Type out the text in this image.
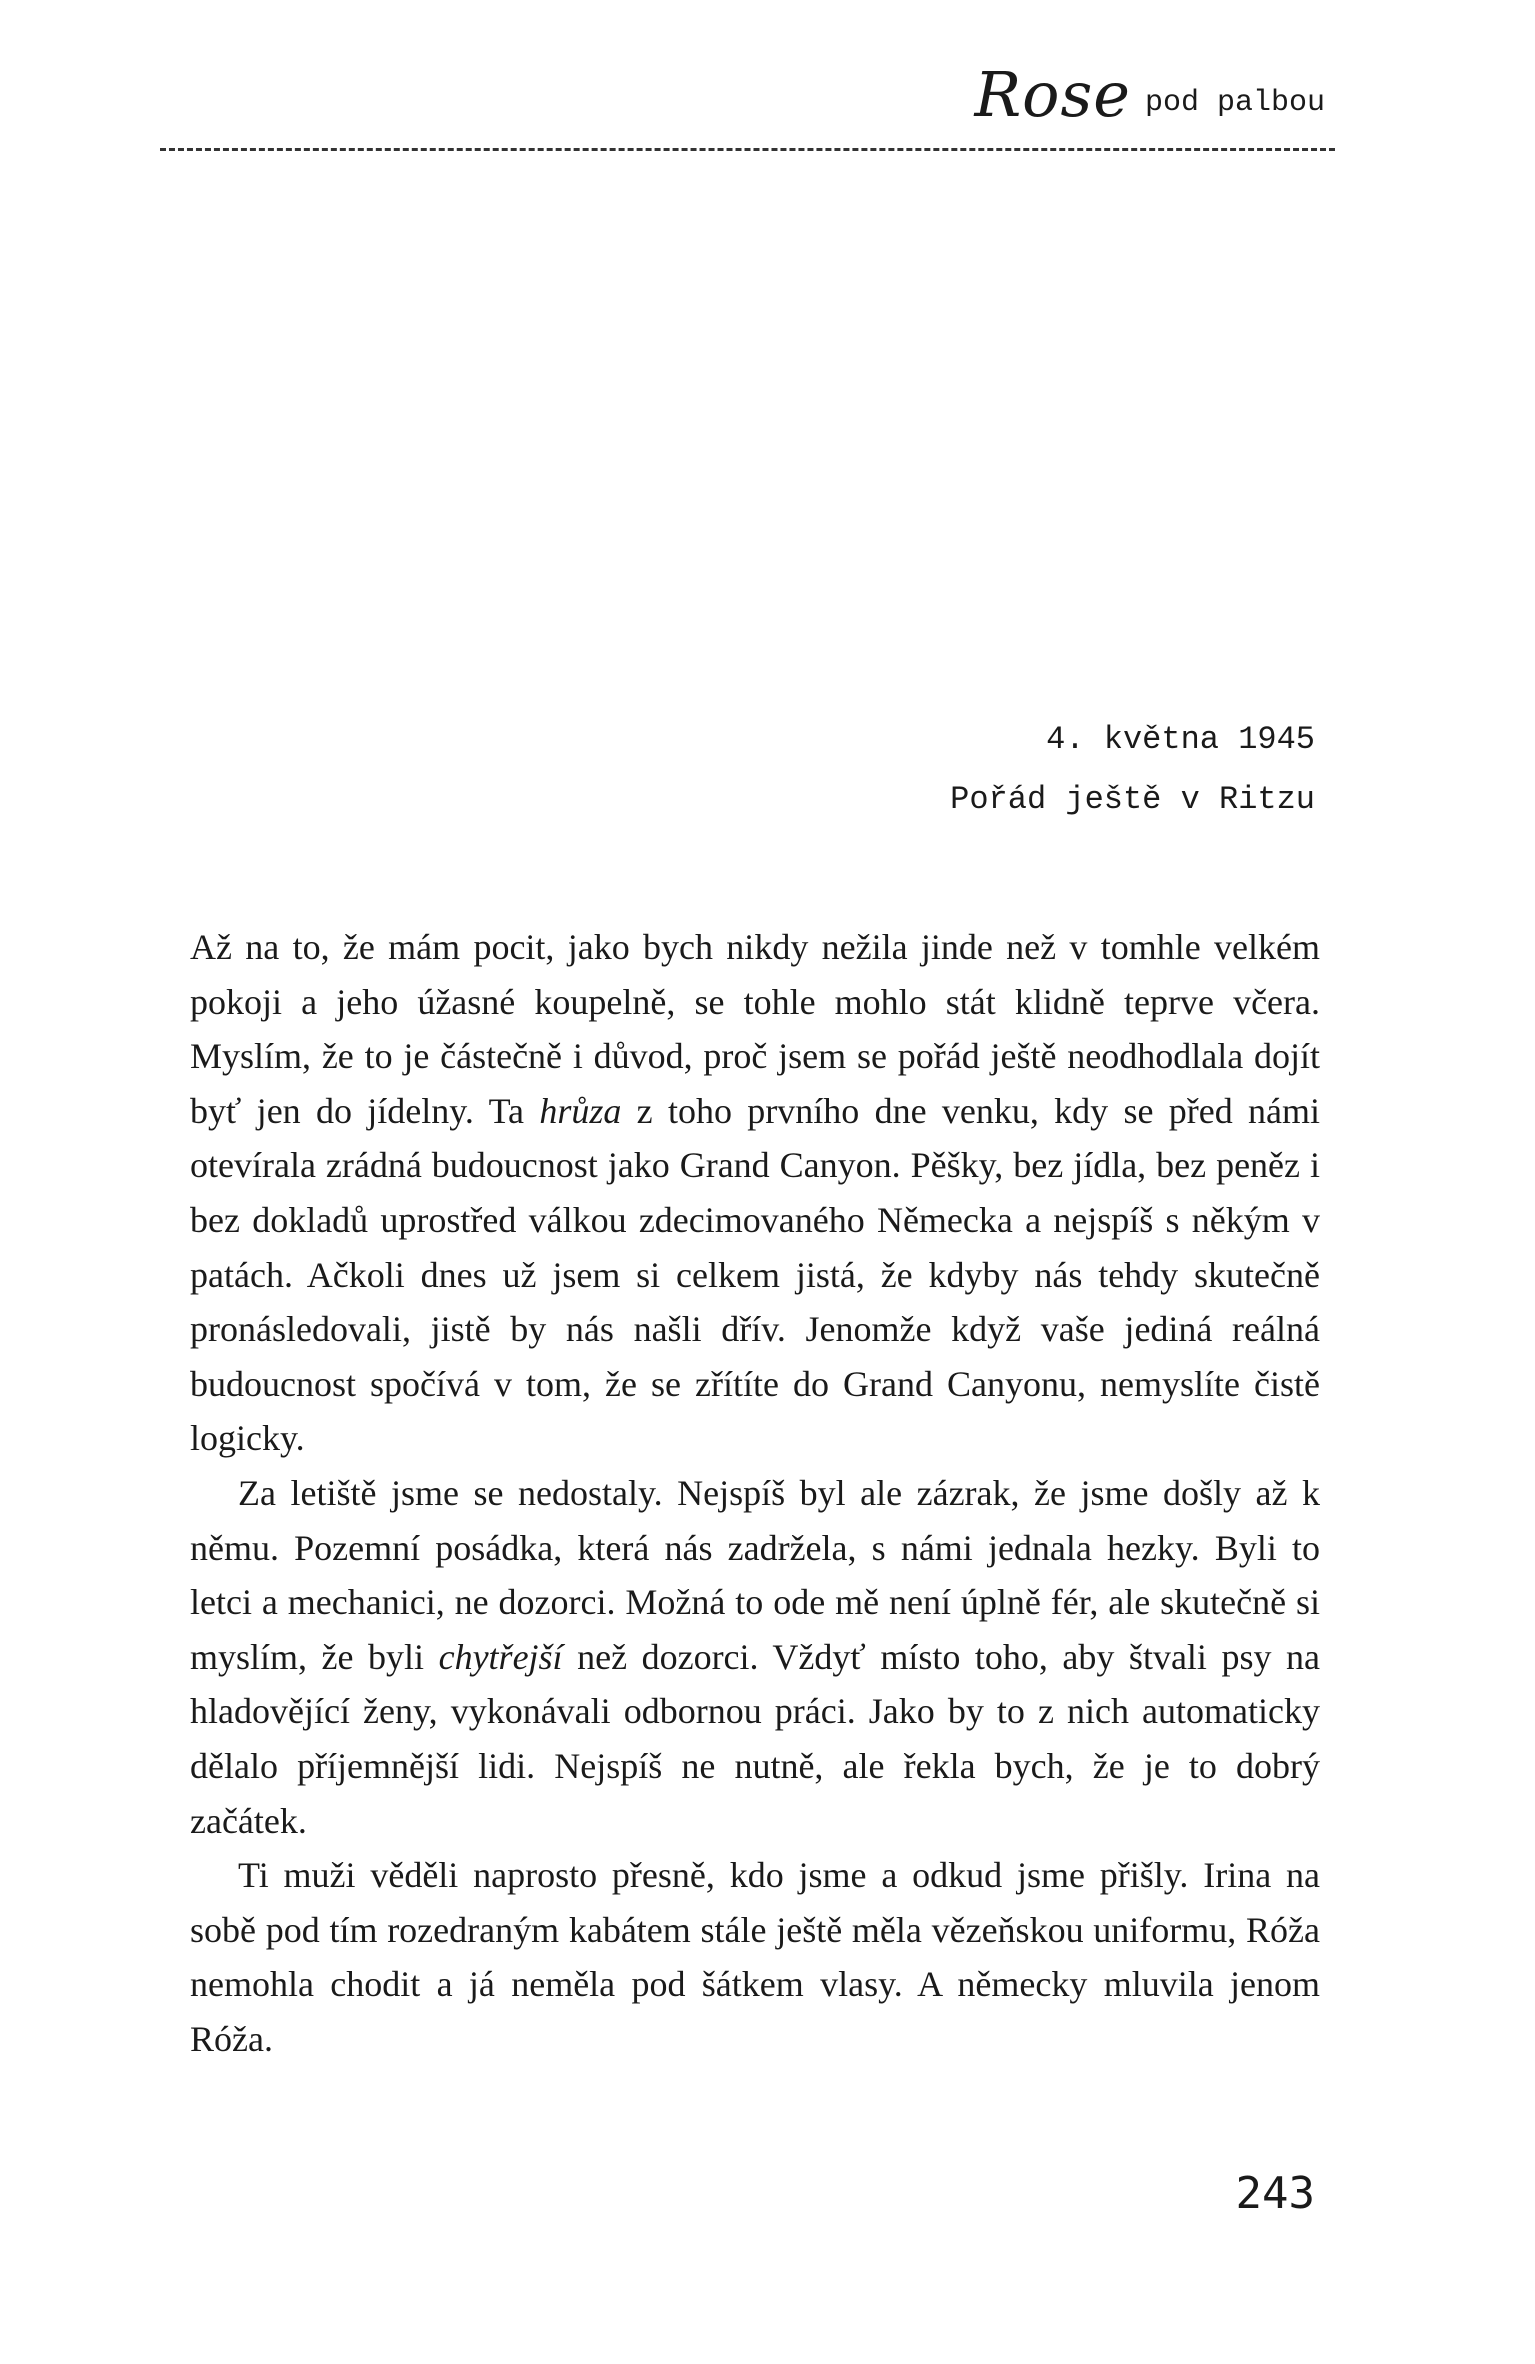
Rose pod palbou
4. května 1945
Pořád ještě v Ritzu

Až na to, že mám pocit, jako bych nikdy nežila jinde než v tomhle velkém pokoji a jeho úžasné koupelně, se tohle mohlo stát klidně teprve včera. Myslím, že to je částečně i důvod, proč jsem se pořád ještě neodhodlala dojít byť jen do jídelny. Ta hrůza z toho prvního dne venku, kdy se před námi otevírala zrádná budoucnost jako Grand Canyon. Pěšky, bez jídla, bez peněz i bez dokladů uprostřed válkou zdecimovaného Německa a nejspíš s někým v patách. Ačkoli dnes už jsem si celkem jistá, že kdyby nás tehdy skutečně pronásledovali, jistě by nás našli dřív. Jenomže když vaše jediná reálná budoucnost spočívá v tom, že se zřítíte do Grand Canyonu, nemyslíte čistě logicky.

Za letiště jsme se nedostaly. Nejspíš byl ale zázrak, že jsme došly až k němu. Pozemní posádka, která nás zadržela, s námi jednala hezky. Byli to letci a mechanici, ne dozorci. Možná to ode mě není úplně fér, ale skutečně si myslím, že byli chytřejší než dozorci. Vždyť místo toho, aby štvali psy na hladovějící ženy, vykonávali odbornou práci. Jako by to z nich automaticky dělalo příjemnější lidi. Nejspíš ne nutně, ale řekla bych, že je to dobrý začátek.

Ti muži věděli naprosto přesně, kdo jsme a odkud jsme přišly. Irina na sobě pod tím rozedraným kabátem stále ještě měla vězeňskou uniformu, Róža nemohla chodit a já neměla pod šátkem vlasy. A německy mluvila jenom Róža.

243
